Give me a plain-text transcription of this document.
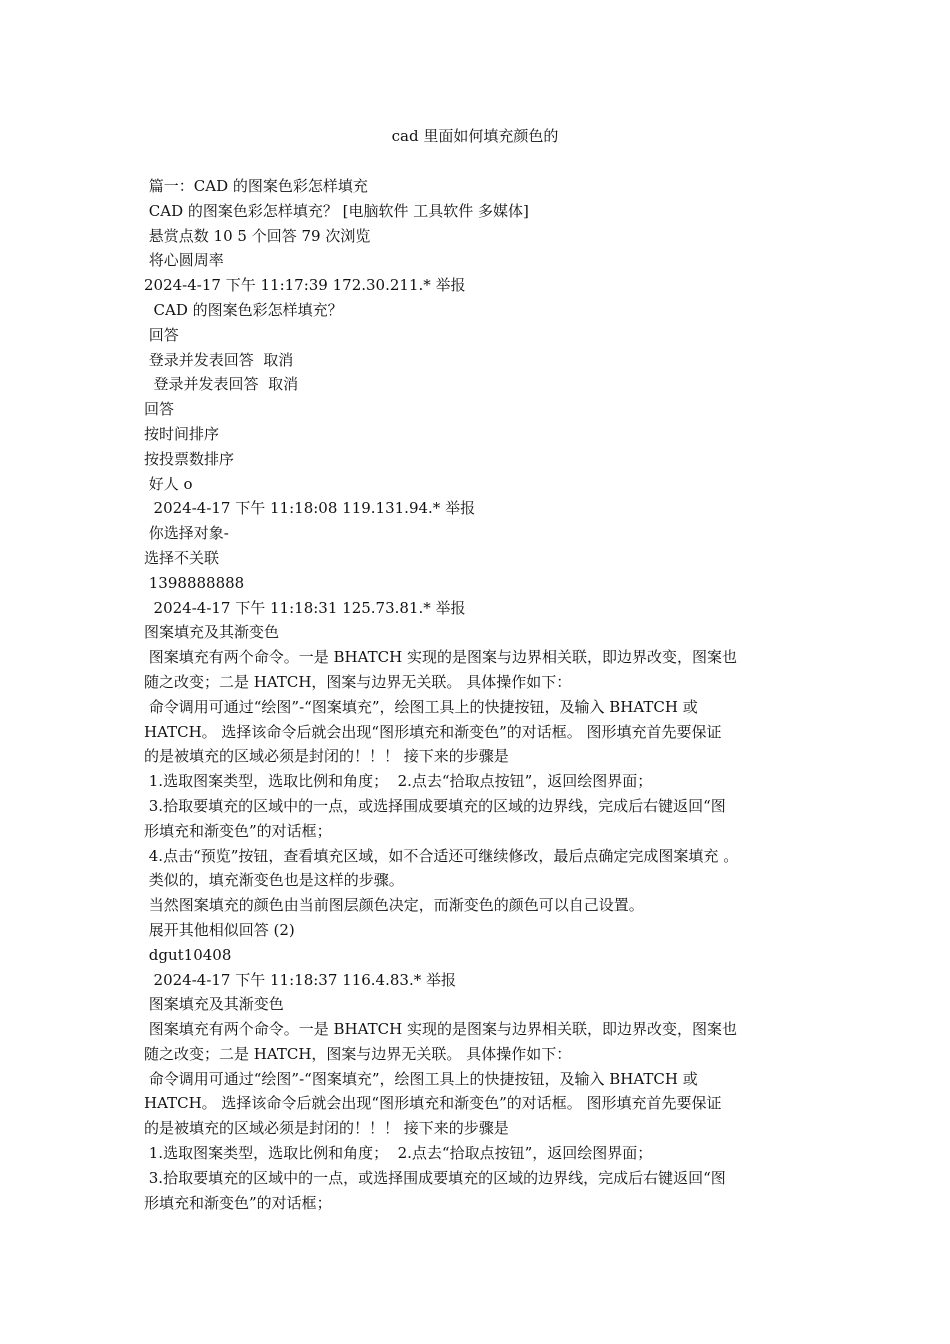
cad 里面如何填充颜色的
篇一：CAD 的图案色彩怎样填充
CAD 的图案色彩怎样填充？ [电脑软件 工具软件 多媒体]
悬赏点数 10 5 个回答 79 次浏览
将心圆周率
2024-4-17 下午 11:17:39 172.30.211.* 举报
CAD 的图案色彩怎样填充？
回答
登录并发表回答  取消
登录并发表回答  取消
回答
按时间排序
按投票数排序
好人 o
2024-4-17 下午 11:18:08 119.131.94.* 举报
你选择对象-
选择不关联
1398888888
2024-4-17 下午 11:18:31 125.73.81.* 举报
图案填充及其渐变色
图案填充有两个命令。一是 BHATCH 实现的是图案与边界相关联，即边界改变，图案也
随之改变；二是 HATCH，图案与边界无关联。 具体操作如下：
命令调用可通过“绘图”-“图案填充”，绘图工具上的快捷按钮，及输入 BHATCH 或
HATCH。 选择该命令后就会出现“图形填充和渐变色”的对话框。 图形填充首先要保证
的是被填充的区域必须是封闭的！！！ 接下来的步骤是
1.选取图案类型，选取比例和角度；  2.点去“拾取点按钮”，返回绘图界面；
3.拾取要填充的区域中的一点，或选择围成要填充的区域的边界线，完成后右键返回“图
形填充和渐变色”的对话框；
4.点击“预览”按钮，查看填充区域，如不合适还可继续修改，最后点确定完成图案填充 。
类似的，填充渐变色也是这样的步骤。
当然图案填充的颜色由当前图层颜色决定，而渐变色的颜色可以自己设置。
展开其他相似回答 (2)
dgut10408
2024-4-17 下午 11:18:37 116.4.83.* 举报
图案填充及其渐变色
图案填充有两个命令。一是 BHATCH 实现的是图案与边界相关联，即边界改变，图案也
随之改变；二是 HATCH，图案与边界无关联。 具体操作如下：
命令调用可通过“绘图”-“图案填充”，绘图工具上的快捷按钮，及输入 BHATCH 或
HATCH。 选择该命令后就会出现“图形填充和渐变色”的对话框。 图形填充首先要保证
的是被填充的区域必须是封闭的！！！ 接下来的步骤是
1.选取图案类型，选取比例和角度；  2.点去“拾取点按钮”，返回绘图界面；
3.拾取要填充的区域中的一点，或选择围成要填充的区域的边界线，完成后右键返回“图
形填充和渐变色”的对话框；
